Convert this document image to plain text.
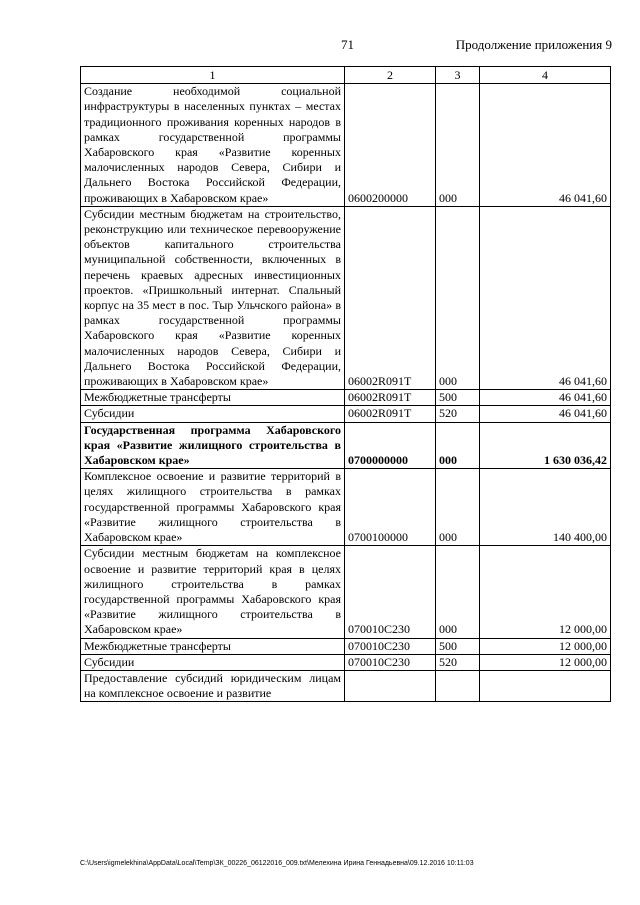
71	Продолжение приложения 9
1	2	3	4
Создание необходимой социальной инфраструктуры в населенных пунктах – местах традиционного проживания коренных народов в рамках государственной программы Хабаровского края «Развитие коренных малочисленных народов Севера, Сибири и Дальнего Востока Российской Федерации, проживающих в Хабаровском крае»	0600200000	000	46 041,60
Субсидии местным бюджетам на строительство, реконструкцию или техническое перевооружение объектов капитального строительства муниципальной собственности, включенных в перечень краевых адресных инвестиционных проектов. «Пришкольный интернат. Спальный корпус на 35 мест в пос. Тыр Ульчского района» в рамках государственной программы Хабаровского края «Развитие коренных малочисленных народов Севера, Сибири и Дальнего Востока Российской Федерации, проживающих в Хабаровском крае»	06002R091T	000	46 041,60
Межбюджетные трансферты	06002R091T	500	46 041,60
Субсидии	06002R091T	520	46 041,60
Государственная программа Хабаровского края «Развитие жилищного строительства в Хабаровском крае»	0700000000	000	1 630 036,42
Комплексное освоение и развитие территорий в целях жилищного строительства в рамках государственной программы Хабаровского края «Развитие жилищного строительства в Хабаровском крае»	0700100000	000	140 400,00
Субсидии местным бюджетам на комплексное освоение и развитие территорий края в целях жилищного строительства в рамках государственной программы Хабаровского края «Развитие жилищного строительства в Хабаровском крае»	070010С230	000	12 000,00
Межбюджетные трансферты	070010С230	500	12 000,00
Субсидии	070010С230	520	12 000,00
Предоставление субсидий юридическим лицам на комплексное освоение и развитие			
C:\Users\igmelekhina\AppData\Local\Temp\ЗК_00226_06122016_009.txt\Мелехина Ирина Геннадьевна\09.12.2016 10:11:03
